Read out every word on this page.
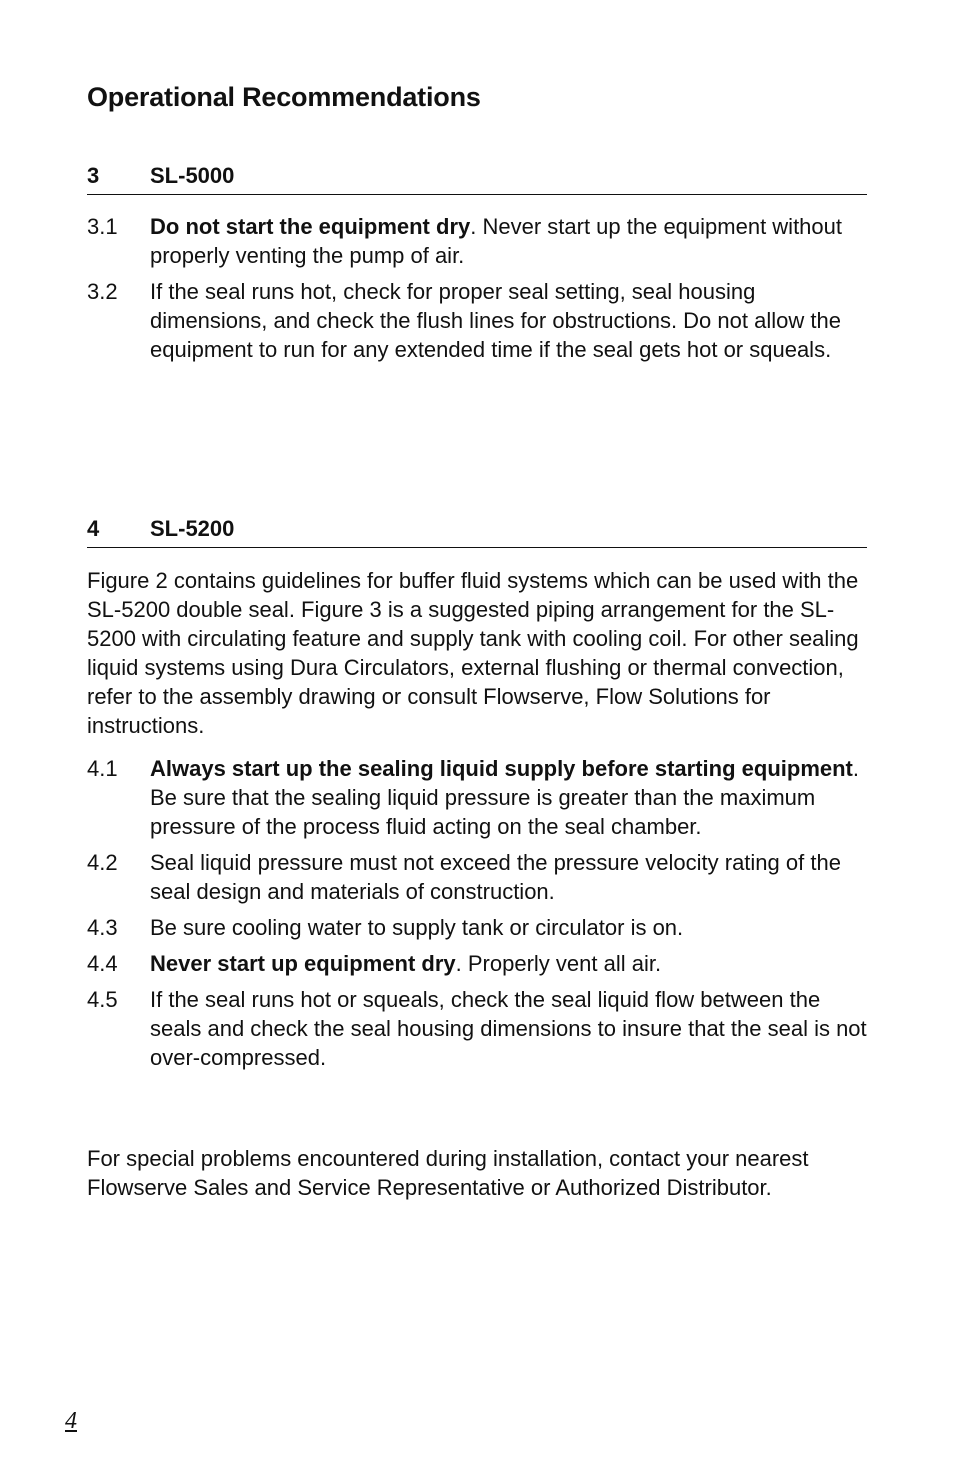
Operational Recommendations
3	SL-5000
3.1	Do not start the equipment dry. Never start up the equipment without properly venting the pump of air.
3.2	If the seal runs hot, check for proper seal setting, seal housing dimensions, and check the flush lines for obstructions. Do not allow the equipment to run for any extended time if the seal gets hot or squeals.
4	SL-5200

Figure 2 contains guidelines for buffer fluid systems which can be used with the SL-5200 double seal. Figure 3 is a suggested piping arrangement for the SL-5200 with circulating feature and supply tank with cooling coil. For other sealing liquid systems using Dura Circulators, external flushing or thermal convection, refer to the assembly drawing or consult Flowserve, Flow Solutions for instructions.

4.1	Always start up the sealing liquid supply before starting equipment. Be sure that the sealing liquid pressure is greater than the maximum pressure of the process fluid acting on the seal chamber.
4.2	Seal liquid pressure must not exceed the pressure velocity rating of the seal design and materials of construction.
4.3	Be sure cooling water to supply tank or circulator is on.
4.4	Never start up equipment dry. Properly vent all air.
4.5	If the seal runs hot or squeals, check the seal liquid flow between the seals and check the seal housing dimensions to insure that the seal is not over-compressed.

For special problems encountered during installation, contact your nearest Flowserve Sales and Service Representative or Authorized Distributor.

4
